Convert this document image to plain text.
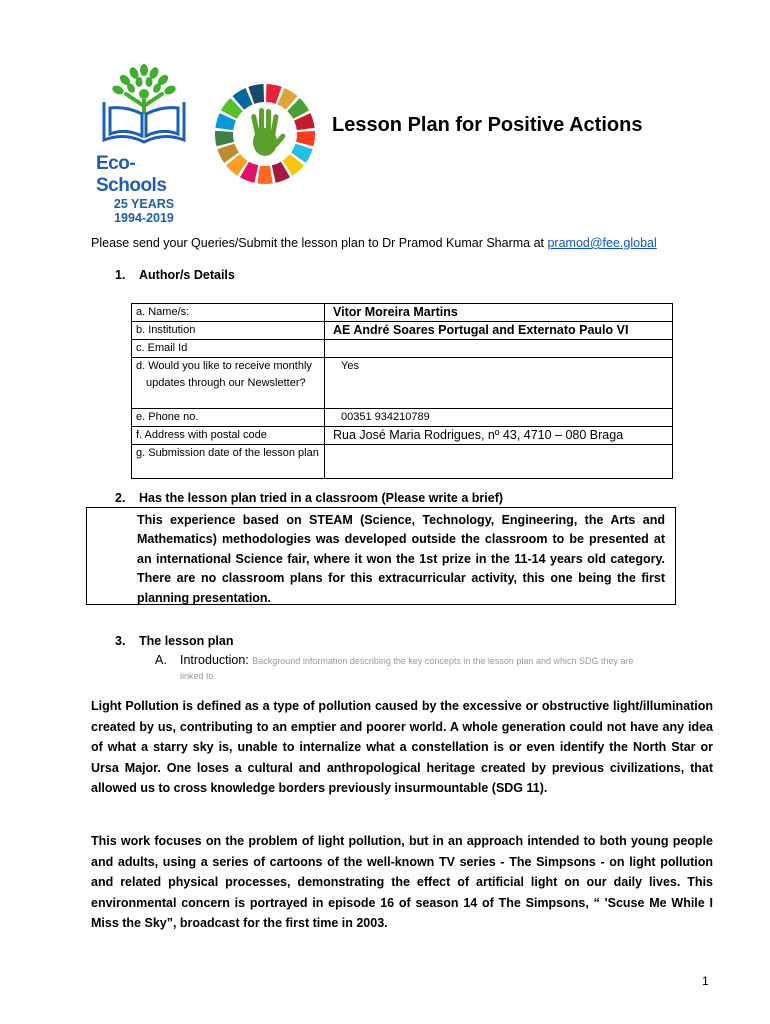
Eco-Schools
25 YEARS
1994-2019
Lesson Plan for Positive Actions
Please send your Queries/Submit the lesson plan to Dr Pramod Kumar Sharma at pramod@fee.global
1. Author/s Details
a. Name/s:	Vitor Moreira Martins

b. Institution	AE André Soares Portugal and Externato Paulo VI

c. Email Id	

d. Would you like to receive monthly updates through our Newsletter?	Yes

e. Phone no.	00351 934210789

f. Address with postal code	Rua José Maria Rodrigues, nº 43, 4710 – 080 Braga

g. Submission date of the lesson plan	

2. Has the lesson plan tried in a classroom (Please write a brief)
This experience based on STEAM (Science, Technology, Engineering, the Arts and Mathematics) methodologies was developed outside the classroom to be presented at an international Science fair, where it won the 1st prize in the 11-14 years old category. There are no classroom plans for this extracurricular activity, this one being the first planning presentation.
3. The lesson plan
A. Introduction: Background information describing the key concepts in the lesson plan and which SDG they are
linked to.
Light Pollution is defined as a type of pollution caused by the excessive or obstructive light/illumination created by us, contributing to an emptier and poorer world. A whole generation could not have any idea of what a starry sky is, unable to internalize what a constellation is or even identify the North Star or Ursa Major. One loses a cultural and anthropological heritage created by previous civilizations, that allowed us to cross knowledge borders previously insurmountable (SDG 11).
This work focuses on the problem of light pollution, but in an approach intended to both young people and adults, using a series of cartoons of the well-known TV series - The Simpsons - on light pollution and related physical processes, demonstrating the effect of artificial light on our daily lives. This environmental concern is portrayed in episode 16 of season 14 of The Simpsons, “ 'Scuse Me While I Miss the Sky”, broadcast for the first time in 2003.
1
